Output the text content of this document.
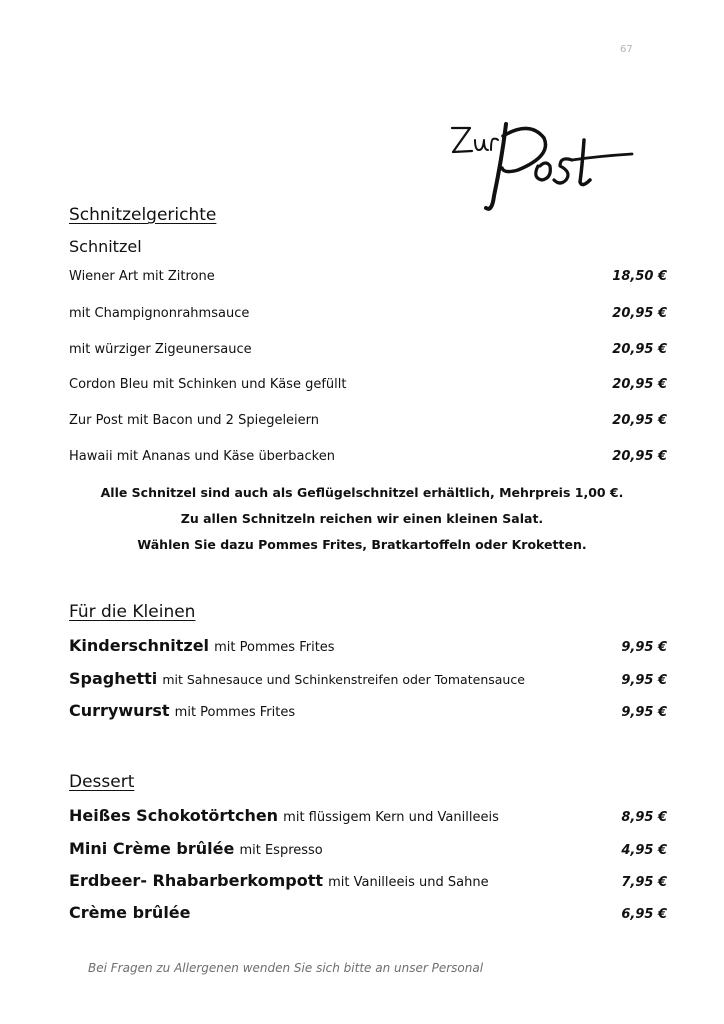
67
Schnitzelgerichte
Schnitzel
Wiener Art mit Zitrone	18,50 €
mit Champignonrahmsauce	20,95 €
mit würziger Zigeunersauce	20,95 €
Cordon Bleu mit Schinken und Käse gefüllt	20,95 €
Zur Post mit Bacon und 2 Spiegeleiern	20,95 €
Hawaii mit Ananas und Käse überbacken	20,95 €
Alle Schnitzel sind auch als Geflügelschnitzel erhältlich, Mehrpreis 1,00 €.
Zu allen Schnitzeln reichen wir einen kleinen Salat.
Wählen Sie dazu Pommes Frites, Bratkartoffeln oder Kroketten.
Für die Kleinen
Kinderschnitzel mit Pommes Frites	9,95 €
Spaghetti mit Sahnesauce und Schinkenstreifen oder Tomatensauce	9,95 €
Currywurst mit Pommes Frites	9,95 €
Dessert
Heißes Schokotörtchen mit flüssigem Kern und Vanilleeis	8,95 €
Mini Crème brûlée mit Espresso	4,95 €
Erdbeer- Rhabarberkompott mit Vanilleeis und Sahne	7,95 €
Crème brûlée	6,95 €
Bei Fragen zu Allergenen wenden Sie sich bitte an unser Personal
